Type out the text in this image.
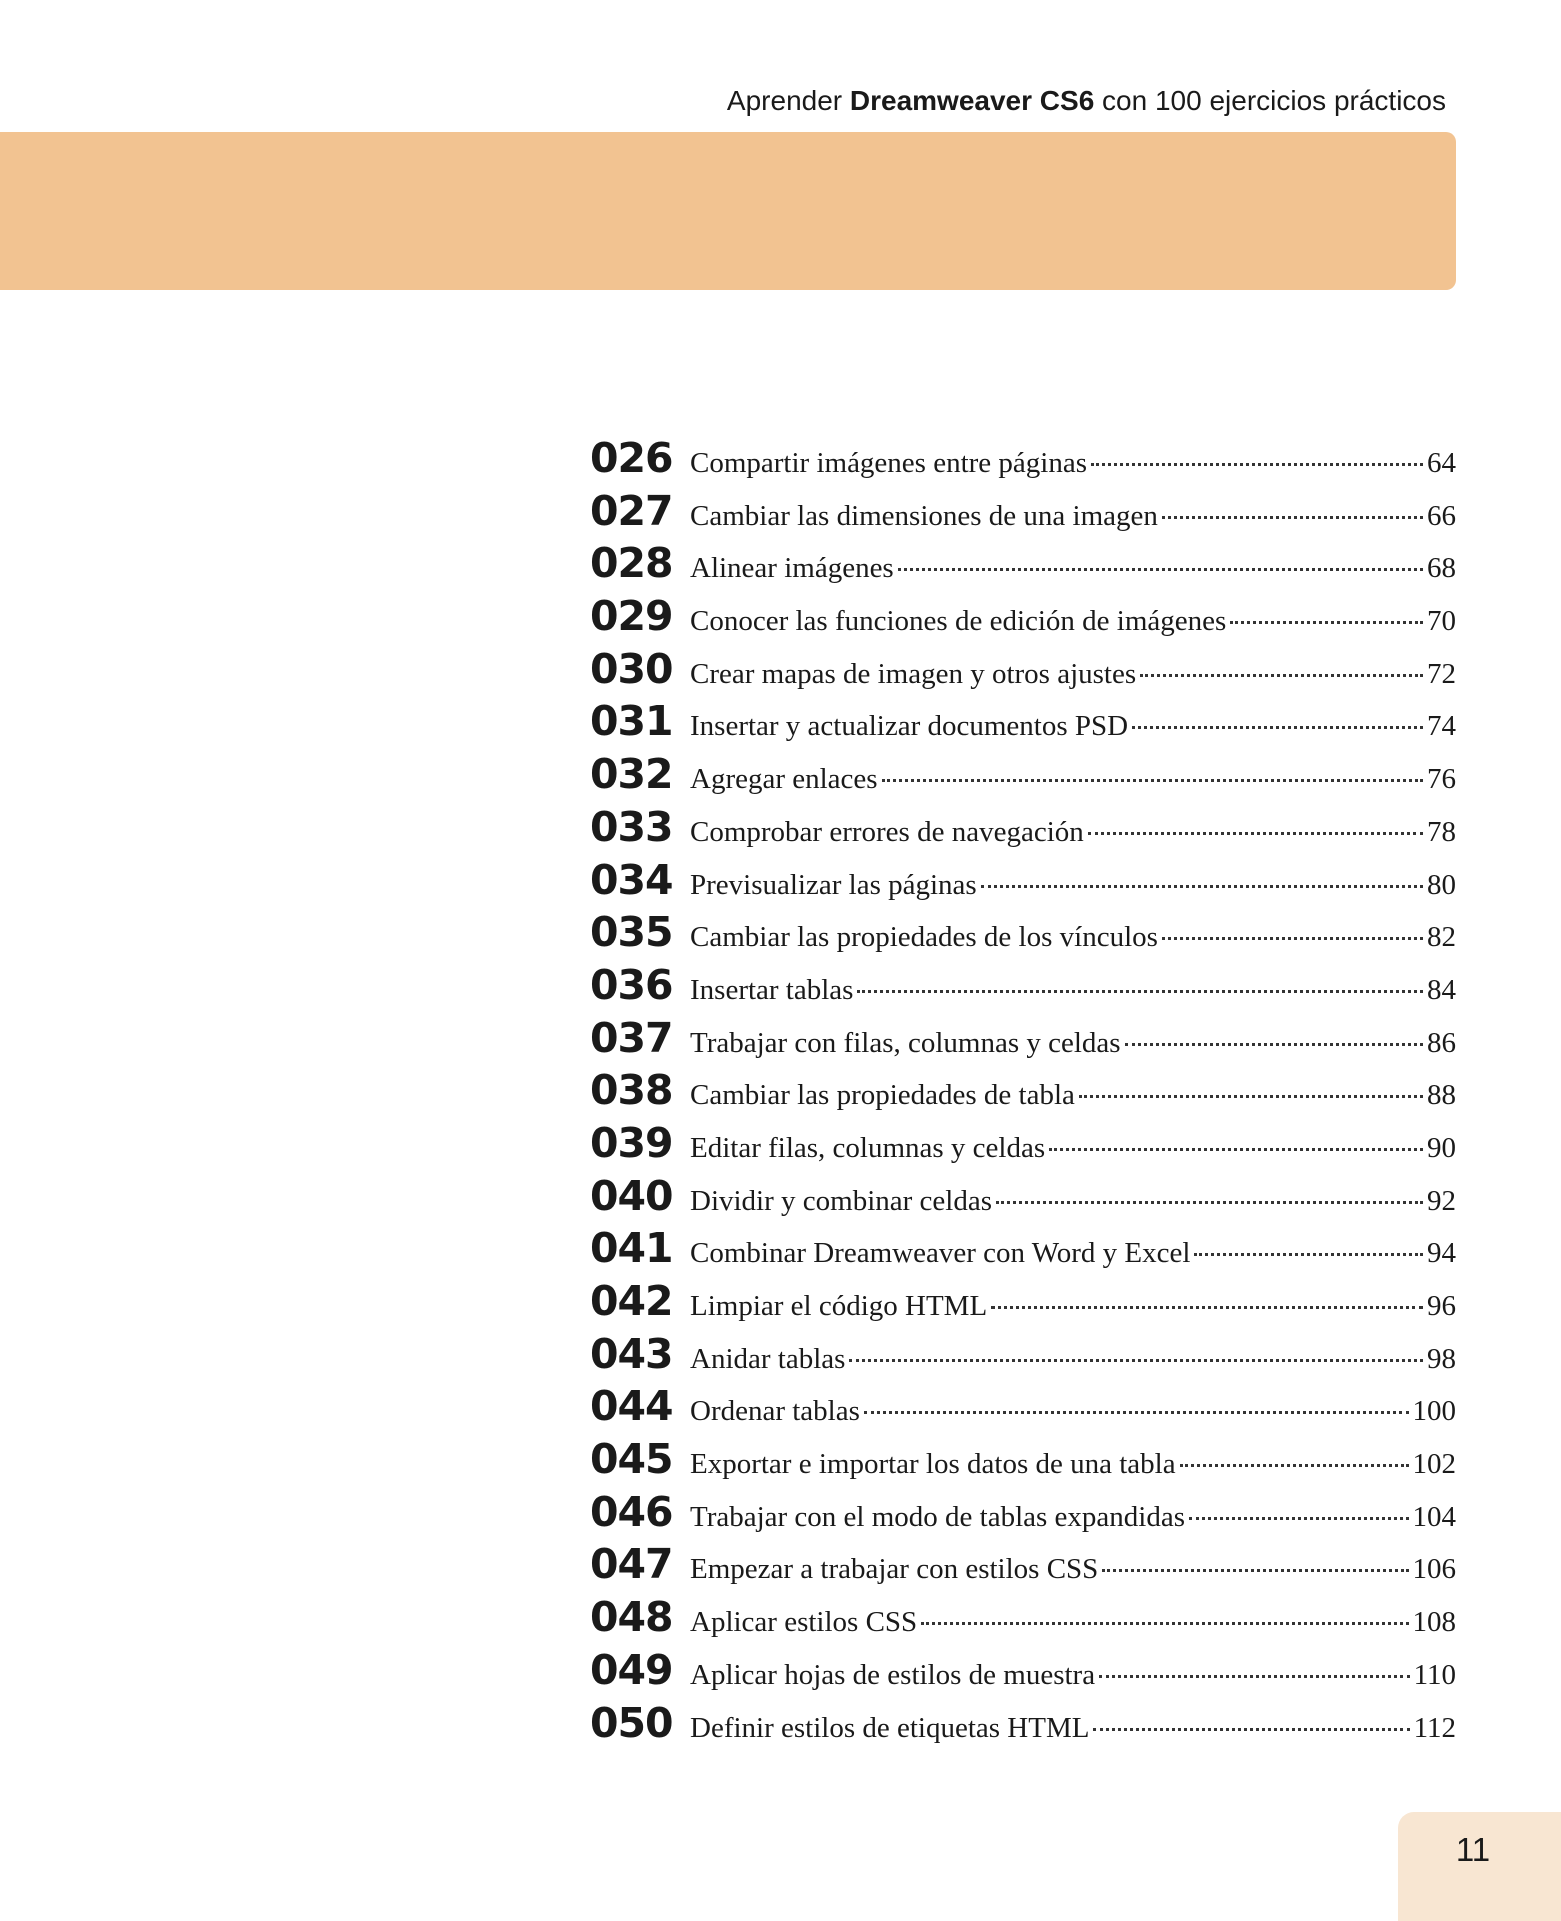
Aprender Dreamweaver CS6 con 100 ejercicios prácticos
026 Compartir imágenes entre páginas	64
027 Cambiar las dimensiones de una imagen	66
028 Alinear imágenes	68
029 Conocer las funciones de edición de imágenes	70
030 Crear mapas de imagen y otros ajustes	72
031 Insertar y actualizar documentos PSD	74
032 Agregar enlaces	76
033 Comprobar errores de navegación	78
034 Previsualizar las páginas	80
035 Cambiar las propiedades de los vínculos	82
036 Insertar tablas	84
037 Trabajar con filas, columnas y celdas	86
038 Cambiar las propiedades de tabla	88
039 Editar filas, columnas y celdas	90
040 Dividir y combinar celdas	92
041 Combinar Dreamweaver con Word y Excel	94
042 Limpiar el código HTML	96
043 Anidar tablas	98
044 Ordenar tablas	100
045 Exportar e importar los datos de una tabla	102
046 Trabajar con el modo de tablas expandidas	104
047 Empezar a trabajar con estilos CSS	106
048 Aplicar estilos CSS	108
049 Aplicar hojas de estilos de muestra	110
050 Definir estilos de etiquetas HTML	112
11
